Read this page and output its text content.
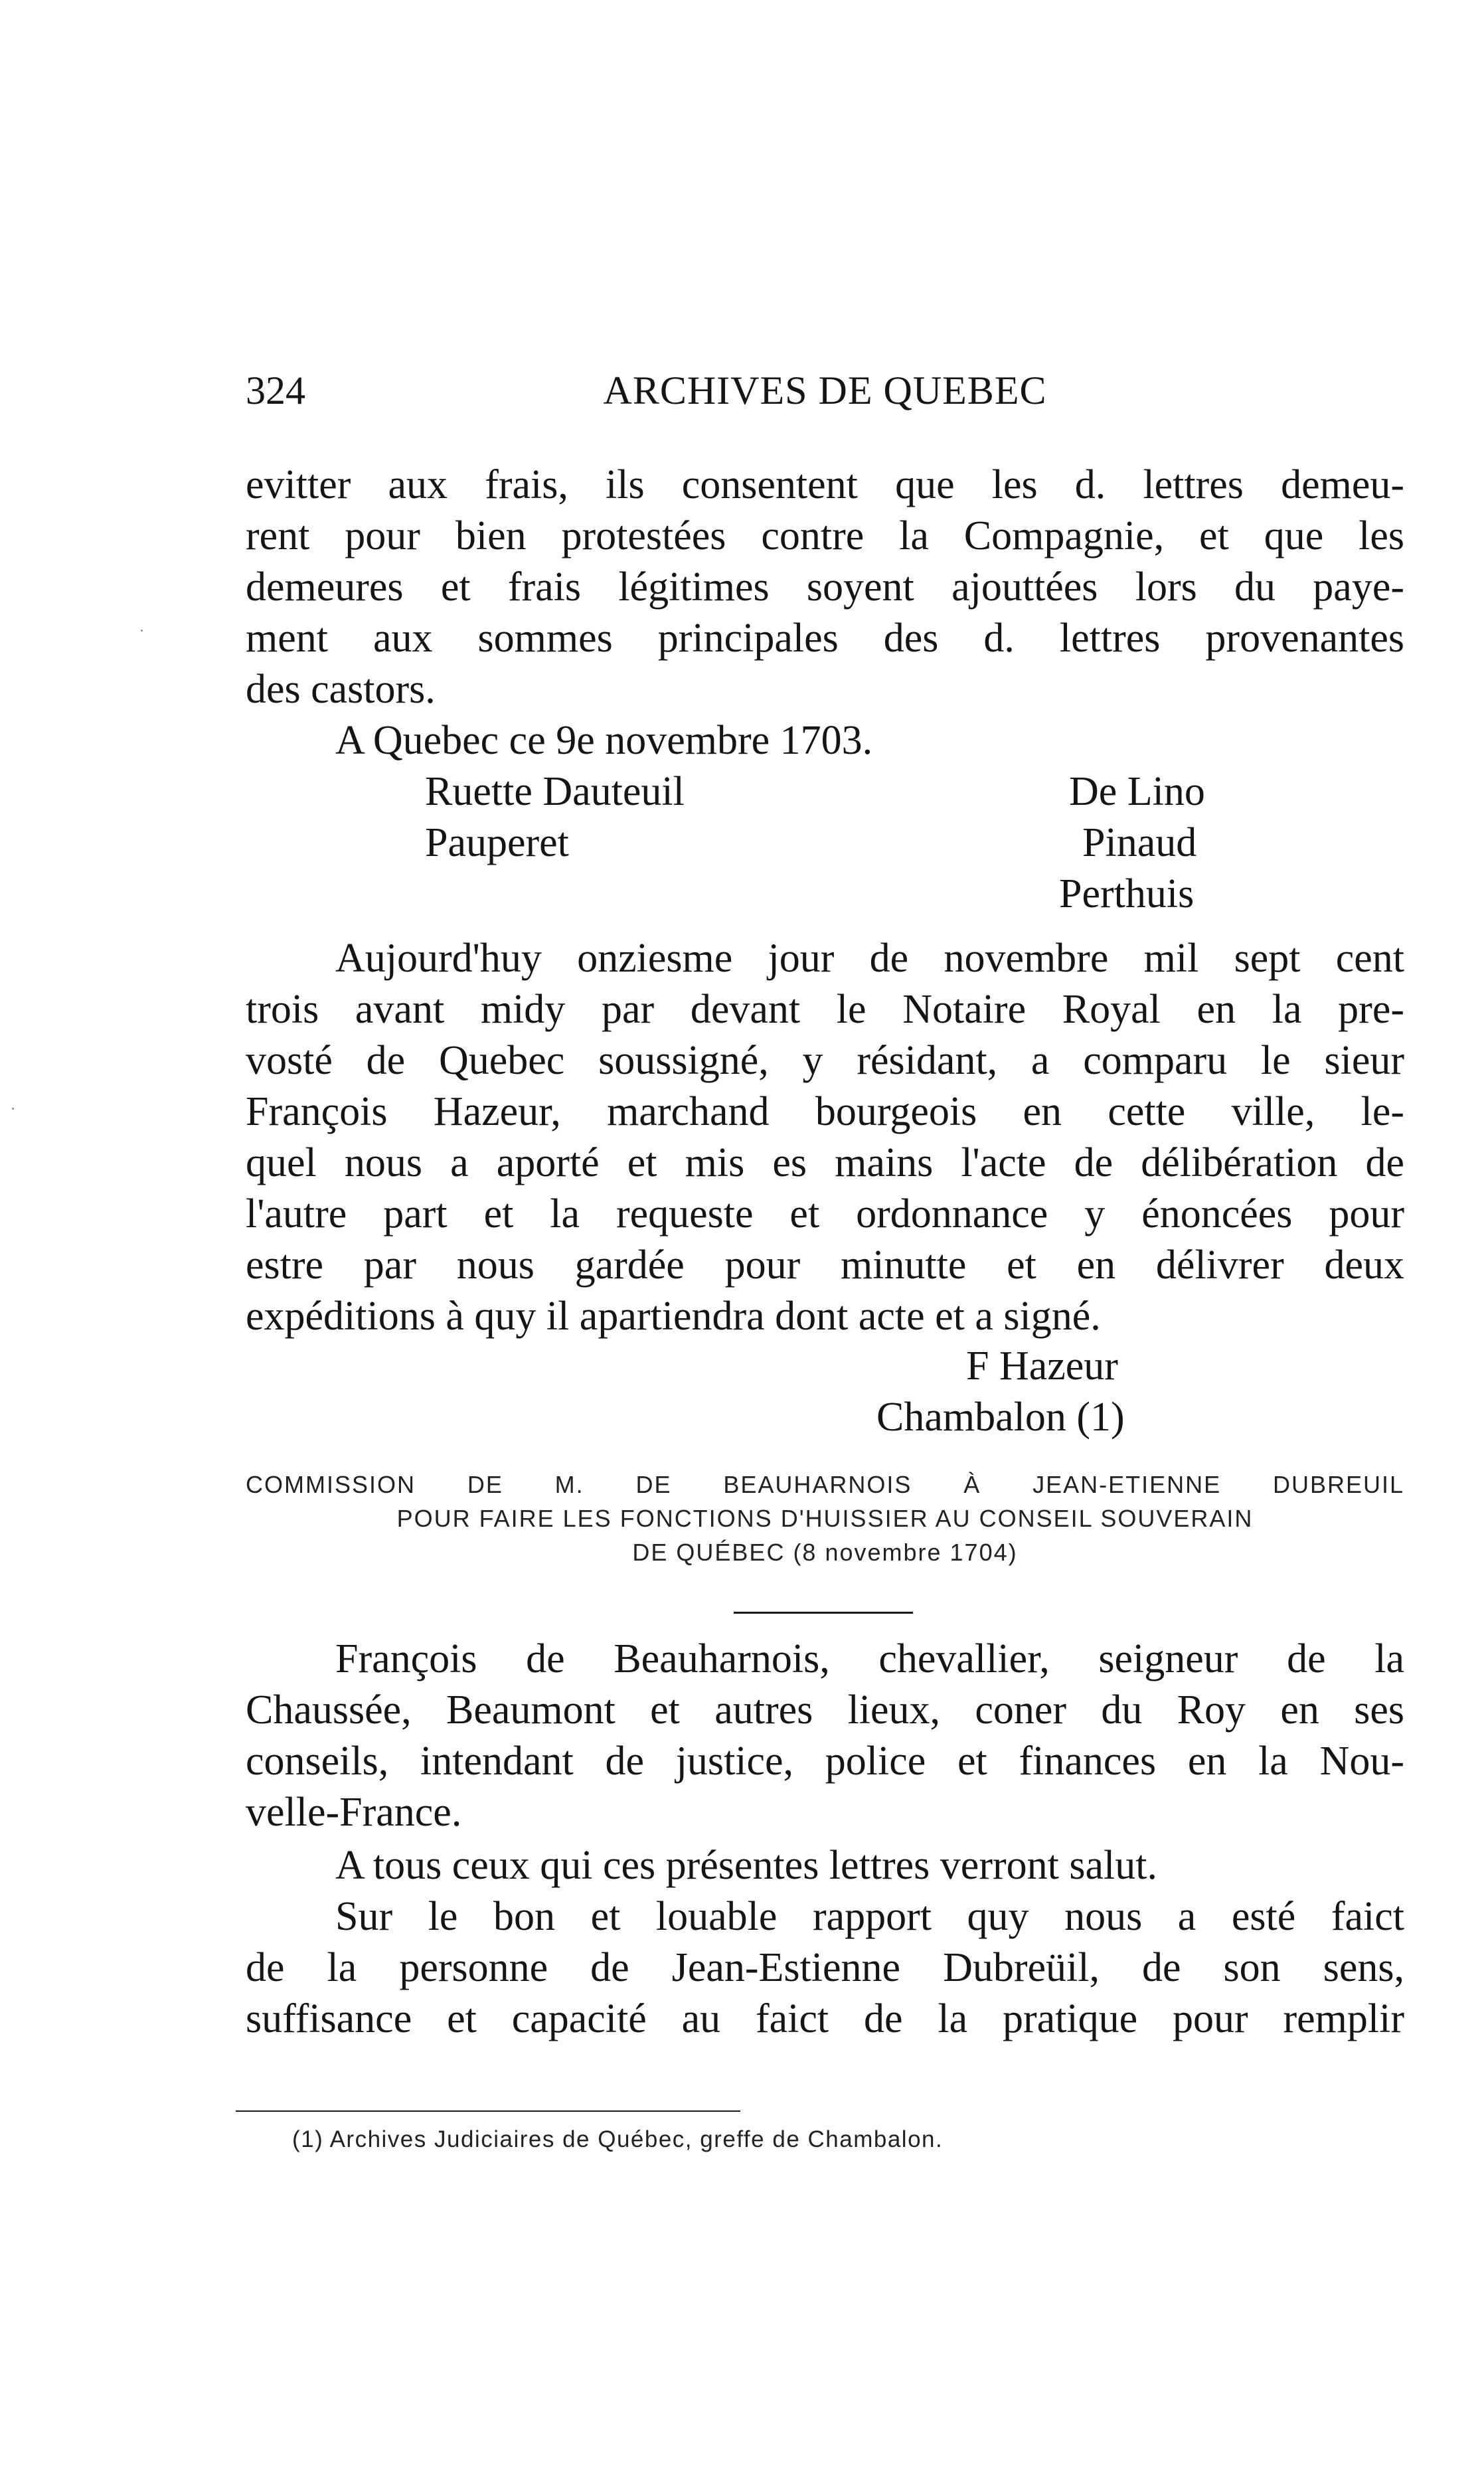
324	ARCHIVES DE QUEBEC
evitter aux frais, ils consentent que les d. lettres demeu-
rent pour bien protestées contre la Compagnie, et que les
demeures et frais légitimes soyent ajouttées lors du paye-
ment aux sommes principales des d. lettres provenantes
des castors.
A Quebec ce 9e novembre 1703.
Ruette Dauteuil
Pauperet
De Lino
Pinaud
Perthuis
Aujourd'huy onziesme jour de novembre mil sept cent
trois avant midy par devant le Notaire Royal en la pre-
vosté de Quebec soussigné, y résidant, a comparu le sieur
François Hazeur, marchand bourgeois en cette ville, le-
quel nous a aporté et mis es mains l'acte de délibération de
l'autre part et la requeste et ordonnance y énoncées pour
estre par nous gardée pour minutte et en délivrer deux
expéditions à quy il apartiendra dont acte et a signé.
F Hazeur
Chambalon (1)
COMMISSION DE M. DE BEAUHARNOIS À JEAN-ETIENNE DUBREUIL
POUR FAIRE LES FONCTIONS D'HUISSIER AU CONSEIL SOUVERAIN
DE QUÉBEC (8 novembre 1704)
François de Beauharnois, chevallier, seigneur de la
Chaussée, Beaumont et autres lieux, coner du Roy en ses
conseils, intendant de justice, police et finances en la Nou-
velle-France.
A tous ceux qui ces présentes lettres verront salut.
Sur le bon et louable rapport quy nous a esté faict
de la personne de Jean-Estienne Dubreüil, de son sens,
suffisance et capacité au faict de la pratique pour remplir
(1) Archives Judiciaires de Québec, greffe de Chambalon.
